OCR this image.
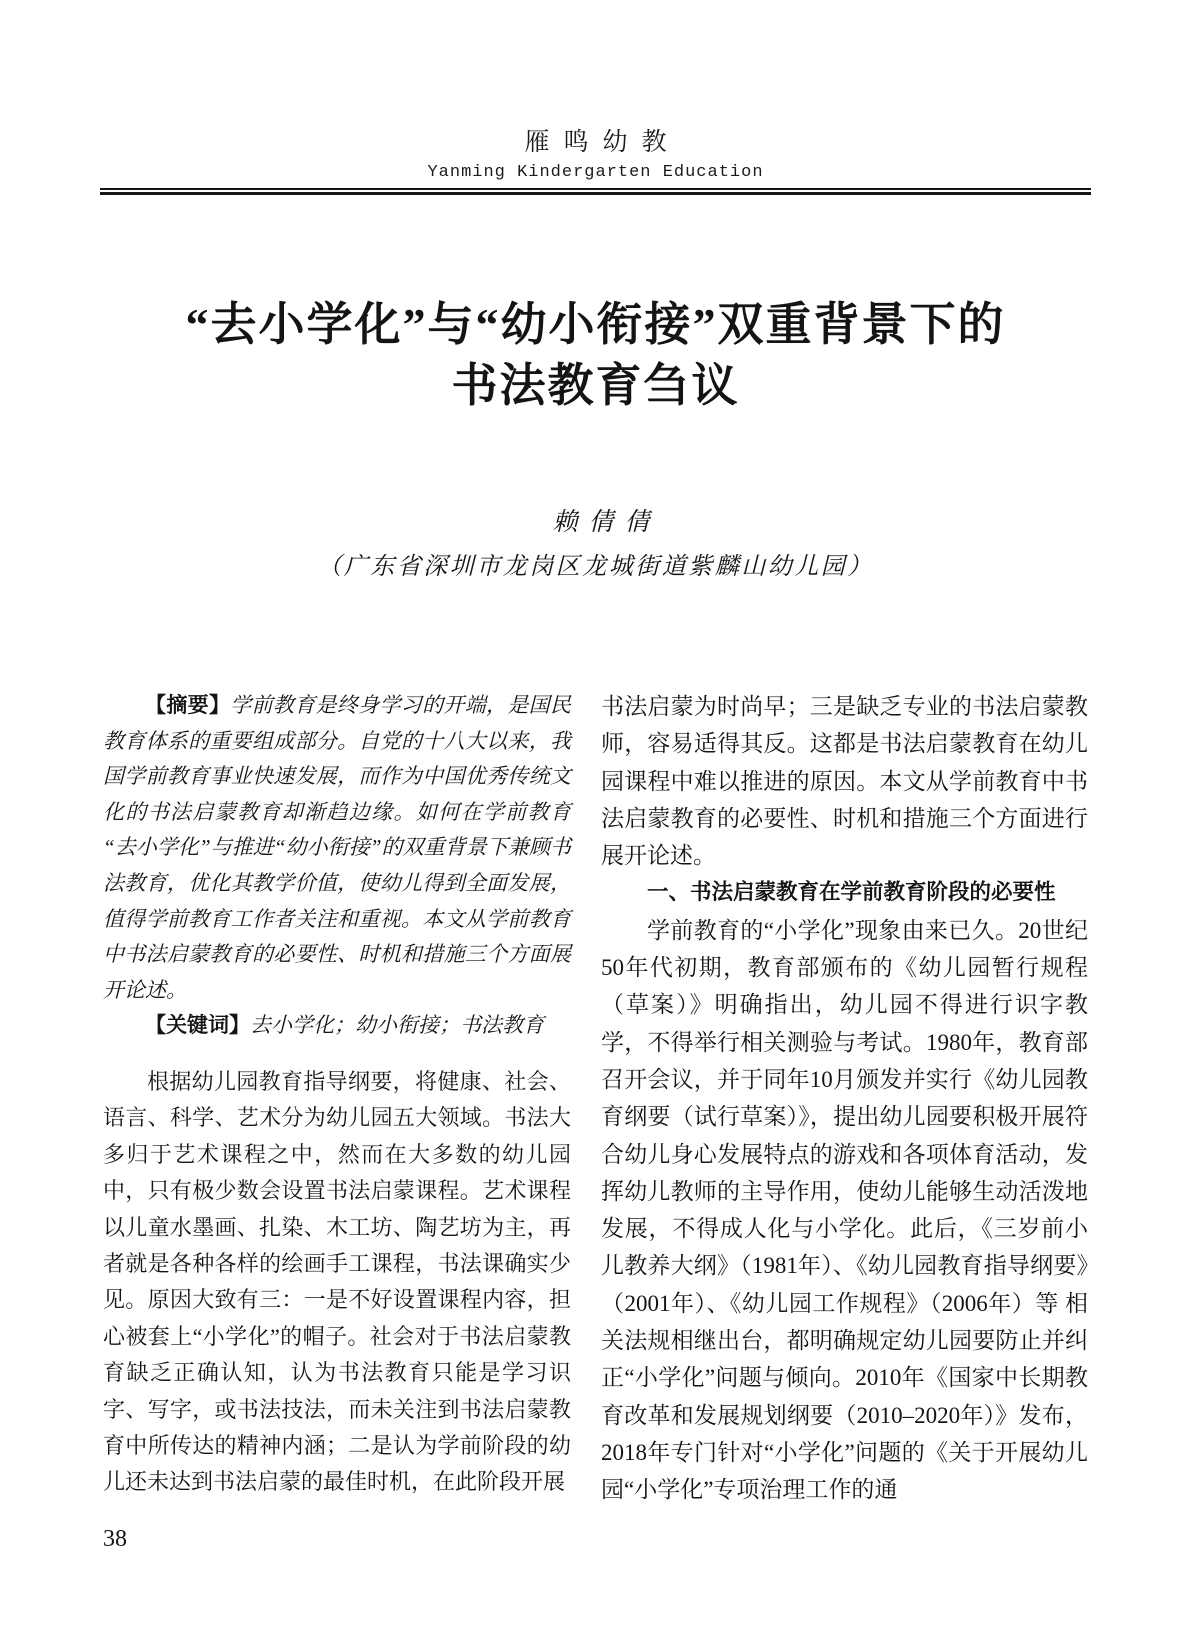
雁鸣幼教
Yanming Kindergarten Education
“去小学化”与“幼小衔接”双重背景下的
书法教育刍议
赖倩倩
（广东省深圳市龙岗区龙城街道紫麟山幼儿园）

【摘要】学前教育是终身学习的开端，是国民教育体系的重要组成部分。自党的十八大以来，我国学前教育事业快速发展，而作为中国优秀传统文化的书法启蒙教育却渐趋边缘。如何在学前教育“去小学化”与推进“幼小衔接”的双重背景下兼顾书法教育，优化其教学价值，使幼儿得到全面发展，值得学前教育工作者关注和重视。本文从学前教育中书法启蒙教育的必要性、时机和措施三个方面展开论述。

【关键词】去小学化；幼小衔接；书法教育

根据幼儿园教育指导纲要，将健康、社会、语言、科学、艺术分为幼儿园五大领域。书法大多归于艺术课程之中，然而在大多数的幼儿园中，只有极少数会设置书法启蒙课程。艺术课程以儿童水墨画、扎染、木工坊、陶艺坊为主，再者就是各种各样的绘画手工课程，书法课确实少见。原因大致有三：一是不好设置课程内容，担心被套上“小学化”的帽子。社会对于书法启蒙教育缺乏正确认知，认为书法教育只能是学习识字、写字，或书法技法，而未关注到书法启蒙教育中所传达的精神内涵；二是认为学前阶段的幼儿还未达到书法启蒙的最佳时机，在此阶段开展

书法启蒙为时尚早；三是缺乏专业的书法启蒙教师，容易适得其反。这都是书法启蒙教育在幼儿园课程中难以推进的原因。本文从学前教育中书法启蒙教育的必要性、时机和措施三个方面进行展开论述。

一、书法启蒙教育在学前教育阶段的必要性

学前教育的“小学化”现象由来已久。20世纪50年代初期，教育部颁布的《幼儿园暂行规程（草案）》明确指出，幼儿园不得进行识字教学，不得举行相关测验与考试。1980年，教育部召开会议，并于同年10月颁发并实行《幼儿园教育纲要（试行草案）》，提出幼儿园要积极开展符合幼儿身心发展特点的游戏和各项体育活动，发挥幼儿教师的主导作用，使幼儿能够生动活泼地发展，不得成人化与小学化。此后，《三岁前小儿教养大纲》（1981年）、《幼儿园教育指导纲要》（2001年）、《幼儿园工作规程》（2006年）等 相关法规相继出台，都明确规定幼儿园要防止并纠正“小学化”问题与倾向。2010年《国家中长期教育改革和发展规划纲要（2010–2020年）》发布，2018年专门针对“小学化”问题的《关于开展幼儿园“小学化”专项治理工作的通

38
